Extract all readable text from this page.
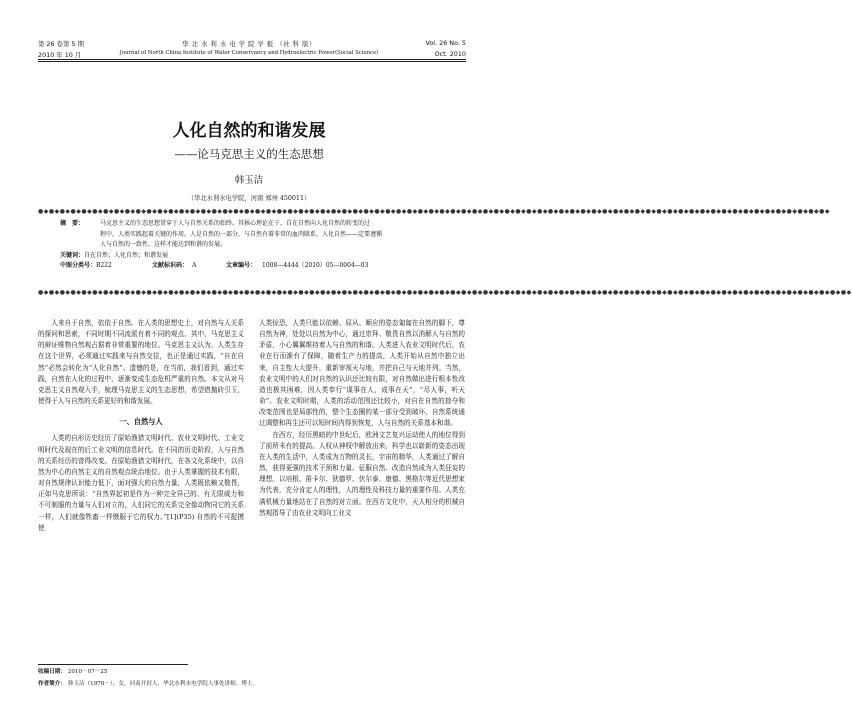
第 26 卷第 5 期
2010 年 10 月
华 北 水 利 水 电 学 院 学 报 （社 科 版）
Journal of North China Institute of Water Conservancy and Hydroelectric Power(Social Science)
Vol. 26 No. 5
Oct. 2010
人化自然的和谐发展
——论马克思主义的生态思想
韩玉洁
（华北水利水电学院，河南 郑州 450011）
●◆●◆●◆●◆●◆●◆●◆●◆●◆●◆●◆●◆●◆●◆●◆●◆●◆●◆●◆●◆●◆●◆●◆●◆●◆●◆●◆●◆●◆●◆●◆●◆●◆●◆●◆●◆●◆●◆●◆●◆●◆●◆●◆●◆●◆●◆●◆●◆●◆●◆●◆●◆●◆●◆●◆●◆●◆●◆●◆●◆●◆●◆●◆●◆●◆●◆●◆●◆●◆●◆●◆●◆●◆
摘　要：	马克思主义的生态思想贯穿于人与自然关系的始终。其核心理论在于，自在自然向人化自然的转变的过
程中，人类实践起着关键的作用。人是自然的一部分，与自然有着非常的血肉联系，人化自然——定要遵循
人与自然的一致性，这样才能达到和谐的发展。
关键词： 自在自然；人化自然；和谐发展
中图分类号： B222	文献标识码： A	文章编号：	1008—4444（2010）05—0004—03
●◆●◆●◆●◆●◆●◆●◆●◆●◆●◆●◆●◆●◆●◆●◆●◆●◆●◆●◆●◆●◆●◆●◆●◆●◆●◆●◆●◆●◆●◆●◆●◆●◆●◆●◆●◆●◆●◆●◆●◆●◆●◆●◆●◆●◆●◆●◆●◆●◆●◆●◆●◆●◆●◆●◆●◆●◆●◆●◆●◆●◆●◆●◆●◆●◆●◆●◆●◆●◆●◆●◆●◆●◆●◆●◆

人来自于自然，依依于自然。在人类的思想史上，对自然与人关系的探问和思索，不同时期不同流派有着不同的观点。其中，马克思主义的辩证唯物自然观占据着非常重要的地位。马克思主义认为，人类生存在这个世界，必须通过实践来与自然交往，也正是通过实践，“自在自然”必然会转化为“人化自然”。遗憾的是，在当前，我们看到，通过实践，自然在人化的过程中，逐渐变成生态危机严重的自然。本文从对马克思主义自然观入手，梳理马克思主义的生态思想，希望借抛砖引玉，使得于人与自然的关系更好的和谐发展。

一、自然与人

人类的自形历史经历了原始渔猎文明时代、农业文明时代、工业文明时代及现在的后工业文明的信息时代。在不同的历史阶段，人与自然的关系经历的曾得改变。在原始渔猎文明时代，在各文化系统中，以自然为中心的自然主义的自然观点统治地位。由于人类掌握的技术有限，对自然规律认识能力低下，面对强大的自然力量，人类既依赖又敬畏，正如马克思所说：“自然界起初是作为一种完全异己的、有无限威力和不可制服的力量与人们对立的，人们同它的关系完全像动物同它的关系一样，人们就像牲畜一样慑服于它的权力。”[1](P35) 自然的不可捉摸使

人类惊恐，人类只能以依赖、屈从、顺应的姿态匍匐在自然的脚下，尊自然为神，处处以自然为中心，通过崇拜、敬畏自然以消解人与自然的矛盾，小心翼翼维持着人与自然的和谐。人类进入农业文明时代后，农业在行而渐有了保障，随着生产力的提高，人类开始从自然中独立出来，自主性大大提升，重新审视天与地，并把自己与天地并列。当然，农业文明中的人们对自然的认识还比较有限，对自然做出进行根本性改造也极其困难，因人类奉行“谋事在人，成事在天”，“尽人事，听天命”。农业文明时期，人类的活动范围还比较小，对自在自然的掠夺和改变范围也是局部性的，整个生态圈的某一部分受到破坏，自然系统通过调整和再生还可以短时间内得到恢复，人与自然的关系基本和谐。

在西方，经历黑暗的中世纪后，欧洲文艺复兴运动使人的地位得到了前所未有的提高。人权从神权中解放出来，科学也以崭新的姿态出现在人类的生活中，人类成为万物的灵长，宇宙的精华，人类通过了解自然，获得更强的技术干预和力量。征服自然、改造自然成为人类狂妄的理想。以培根、笛卡尔、狄德罗、伏尔泰、康德、黑格尔等近代思想家为代表，充分肯定人的理性，人的理性及科技力量的重要作用。人类充满机械力量地站在了自然的对立面。在西方文化中，天人相分的机械自然观指导了由农业文明向工业文

收稿日期： 2010－07－25
作者简介： 韩玉洁（1976－），女，河南开封人，华北水利水电学院人事处讲师，博士。
